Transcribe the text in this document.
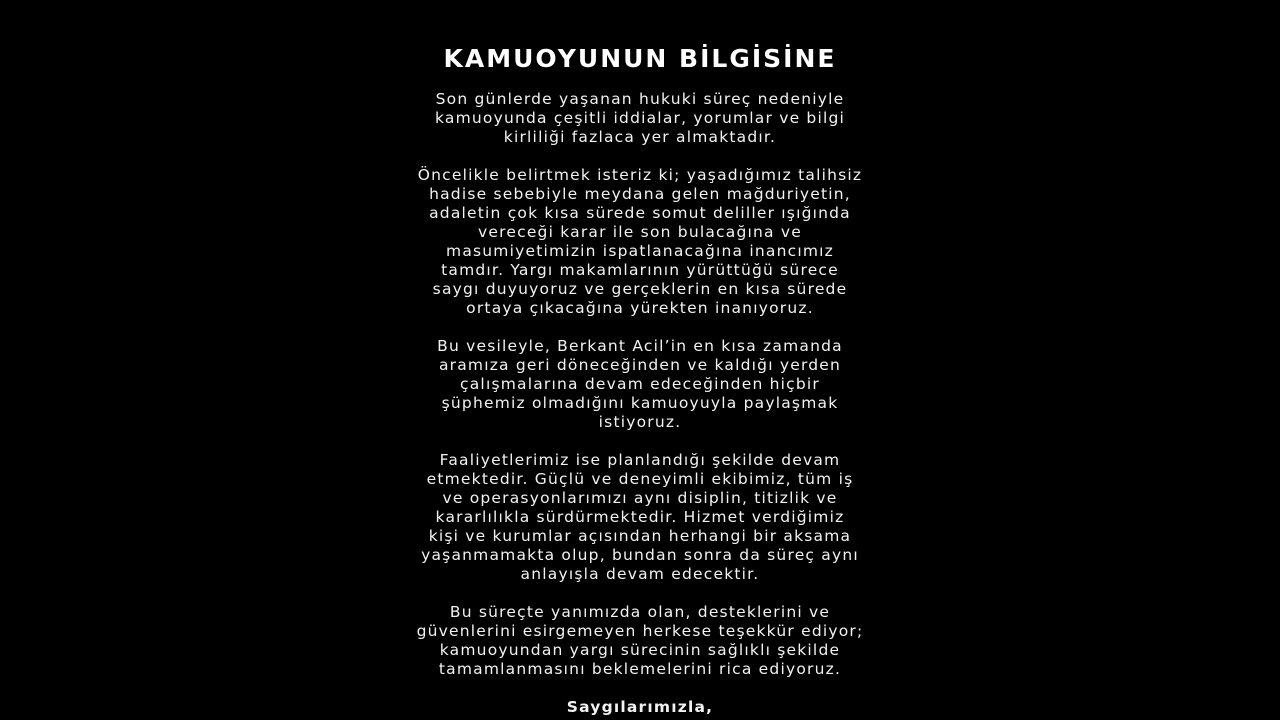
KAMUOYUNUN BİLGİSİNE

Son günlerde yaşanan hukuki süreç nedeniyle
kamuoyunda çeşitli iddialar, yorumlar ve bilgi
kirliliği fazlaca yer almaktadır.

Öncelikle belirtmek isteriz ki; yaşadığımız talihsiz
hadise sebebiyle meydana gelen mağduriyetin,
adaletin çok kısa sürede somut deliller ışığında
vereceği karar ile son bulacağına ve
masumiyetimizin ispatlanacağına inancımız
tamdır. Yargı makamlarının yürüttüğü sürece
saygı duyuyoruz ve gerçeklerin en kısa sürede
ortaya çıkacağına yürekten inanıyoruz.

Bu vesileyle, Berkant Acil’in en kısa zamanda
aramıza geri döneceğinden ve kaldığı yerden
çalışmalarına devam edeceğinden hiçbir
şüphemiz olmadığını kamuoyuyla paylaşmak
istiyoruz.

Faaliyetlerimiz ise planlandığı şekilde devam
etmektedir. Güçlü ve deneyimli ekibimiz, tüm iş
ve operasyonlarımızı aynı disiplin, titizlik ve
kararlılıkla sürdürmektedir. Hizmet verdiğimiz
kişi ve kurumlar açısından herhangi bir aksama
yaşanmamakta olup, bundan sonra da süreç aynı
anlayışla devam edecektir.

Bu süreçte yanımızda olan, desteklerini ve
güvenlerini esirgemeyen herkese teşekkür ediyor;
kamuoyundan yargı sürecinin sağlıklı şekilde
tamamlanmasını beklemelerini rica ediyoruz.

Saygılarımızla,
